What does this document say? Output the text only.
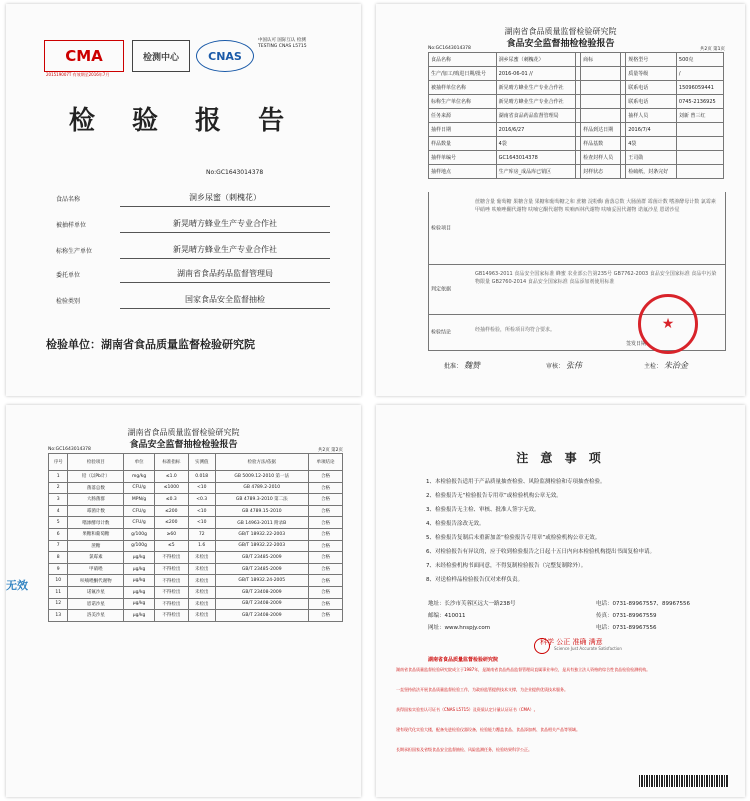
CMA
201519007T 有效期至2016年7月
检测中心	CNAS
中国认可 国际互认 检测 TESTING CNAS L5715
检 验 报 告
No:GC1643014378
食品名称	洞乡尿蜜（刺槐花）
被抽样单位	新晃晴方蜂业生产专业合作社
标称生产单位	新晃晴方蜂业生产专业合作社
委托单位	湖南省食品药品监督管理局
检验类别	国家食品安全监督抽检
检验单位：湖南省食品质量监督检验研究院
湖南省食品质量监督检验研究院
食品安全监督抽检检验报告
No:GC1643014378	共2页 第1页
食品名称	洞乡尿蜜（刺槐花）		商标		规格型号	500克
生产/加工/购进日期/批号	2016-06-01 //				质量等级	/
被抽样单位名称	新晃晴方蜂业生产专业合作社				联系电话	15096059441
标称生产单位名称	新晃晴方蜂业生产专业合作社				联系电话	0745-2136925
任务来源	湖南省食品药品监督管理局				抽样人员	刘新 曾三红
抽样日期	2016/6/27		样品到达日期		2016/7/4	
样品数量	4袋		样品基数		4袋	
抽样单编号	GC1643014378		检查封样人员		王司勋	
抽样地点	生产库房_成品库已销区		封样状态		检硫纸，封条完好	
检验项目
蔗糖含量 葡萄糖 果糖含量 果糖和葡萄糖之和 蔗糖 淀粉酶 菌落总数 大肠菌群 霉菌计数 嗜渗酵母计数 氯霉素 甲硝唑 呋喃唑酮代谢物 呋喃它酮代谢物 呋喃西林代谢物 呋喃妥因代谢物 诺氟沙星 恩诺沙星
判定依据
GB14963-2011 食品安全国家标准 蜂蜜 农业部公告第235号 GB7762-2003 食品安全国家标准 食品中污染物限量 GB2760-2014 食品安全国家标准 食品添加剂使用标准
检验结论	经抽样检验，所检项目均符合要求。
签发日期：
★
批准： 魏赞	审核： 张伟	主检： 朱治金
湖南省食品质量监督检验研究院
食品安全监督抽检检验报告
No:GC1643014378	共2页 第2页
序号	检验项目	单位	标准指标	实测值	检验方法/依据	单项结论
1	铅（以Pb计）	mg/kg	≤1.0	0.018	GB 5009.12-2010 第一法	合格
2	菌落总数	CFU/g	≤1000	<10	GB 4789.2-2010	合格
3	大肠菌群	MPN/g	≤0.3	<0.3	GB 4789.3-2010 第二法	合格
4	霉菌计数	CFU/g	≤200	<10	GB 4789.15-2010	合格
5	嗜渗酵母计数	CFU/g	≤200	<10	GB 14963-2011 附录B	合格
6	果糖和葡萄糖	g/100g	≥60	72	GB/T 18932.22-2003	合格
7	蔗糖	g/100g	≤5	1.6	GB/T 18932.22-2003	合格
8	氯霉素	μg/kg	不得检出	未检出	GB/T 23485-2009	合格
9	甲硝唑	μg/kg	不得检出	未检出	GB/T 23485-2009	合格
10	呋喃唑酮代谢物	μg/kg	不得检出	未检出	GB/T 18932.24-2005	合格
11	诺氟沙星	μg/kg	不得检出	未检出	GB/T 23408-2009	合格
12	恩诺沙星	μg/kg	不得检出	未检出	GB/T 23408-2009	合格
13	洛美沙星	μg/kg	不得检出	未检出	GB/T 23408-2009	合格
无效
注 意 事 项
1、本检验报告适用于产品质量抽查检验、风险监测检验和专项抽查检验。
2、检验报告无“检验报告专用章”或检验机构公章无效。
3、检验报告无主检、审核、批准人签字无效。
4、检验报告涂改无效。
5、检验报告复制后未重新加盖“检验报告专用章”或检验机构公章无效。
6、对检验报告有异议的，应于收到检验报告之日起十五日内向本检验机构提出书面复检申请。
7、未经检验机构书面同意，不得复制检验报告（完整复制除外）。
8、对送检样品检验报告仅对来样负责。
地址：长沙市芙蓉区远大一路238号
邮编：410011
网址：www.hnspjy.com
电话：0731-89967557、89967556
传真：0731-89967559
电话：0731-89967556
科学 公正 准确 满意
Science Just Accurate Satisfaction
湖南省食品质量监督检验研究院
湖南省食品质量监督检验研究院成立于1987年，是湖南省食品药品监督管理局直属事业单位，是具有独立法人资格的综合性食品检验检测机构。
一直坚持依法开展食品质量监督检验工作，为政府监管提供技术支撑，为企业提供优质技术服务。
获得国家实验室认可证书（CNAS L5715）及资质认定计量认证证书（CMA）。
建有现代化实验大楼，配备先进检验仪器设备，检验能力覆盖食品、食品添加剂、食品相关产品等领域。
长期承担国家及省级食品安全监督抽检、风险监测任务，检验结果科学公正。
